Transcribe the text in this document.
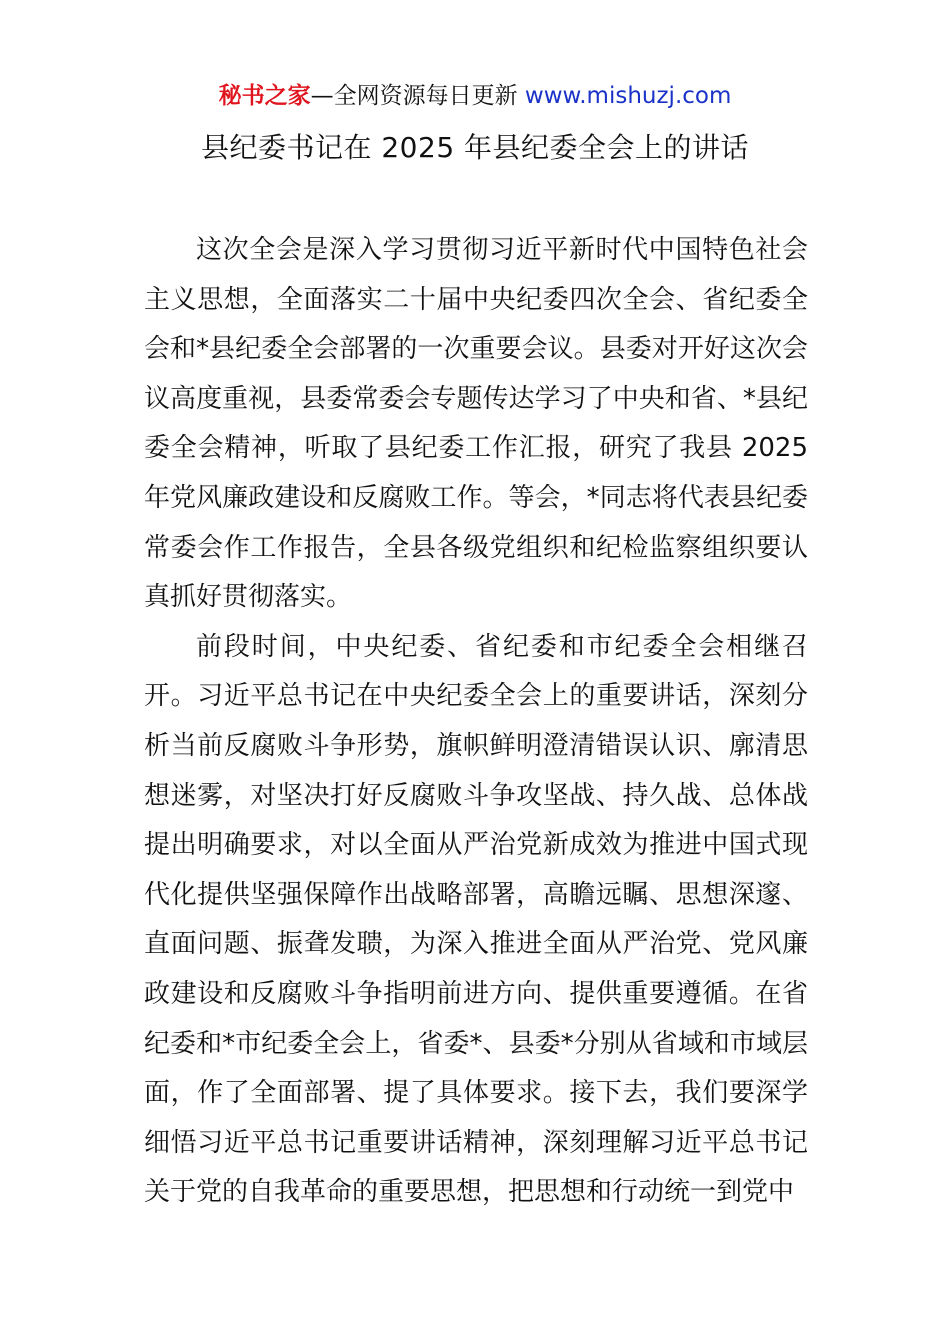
秘书之家—全网资源每日更新 www.mishuzj.com
县纪委书记在 2025 年县纪委全会上的讲话

这次全会是深入学习贯彻习近平新时代中国特色社会主义思想，全面落实二十届中央纪委四次全会、省纪委全会和*县纪委全会部署的一次重要会议。县委对开好这次会议高度重视，县委常委会专题传达学习了中央和省、*县纪委全会精神，听取了县纪委工作汇报，研究了我县 2025 年党风廉政建设和反腐败工作。等会，*同志将代表县纪委常委会作工作报告，全县各级党组织和纪检监察组织要认真抓好贯彻落实。

前段时间，中央纪委、省纪委和市纪委全会相继召开。习近平总书记在中央纪委全会上的重要讲话，深刻分析当前反腐败斗争形势，旗帜鲜明澄清错误认识、廓清思想迷雾，对坚决打好反腐败斗争攻坚战、持久战、总体战提出明确要求，对以全面从严治党新成效为推进中国式现代化提供坚强保障作出战略部署，高瞻远瞩、思想深邃、直面问题、振聋发聩，为深入推进全面从严治党、党风廉政建设和反腐败斗争指明前进方向、提供重要遵循。在省纪委和*市纪委全会上，省委*、县委*分别从省域和市域层面，作了全面部署、提了具体要求。接下去，我们要深学细悟习近平总书记重要讲话精神，深刻理解习近平总书记关于党的自我革命的重要思想，把思想和行动统一到党中
